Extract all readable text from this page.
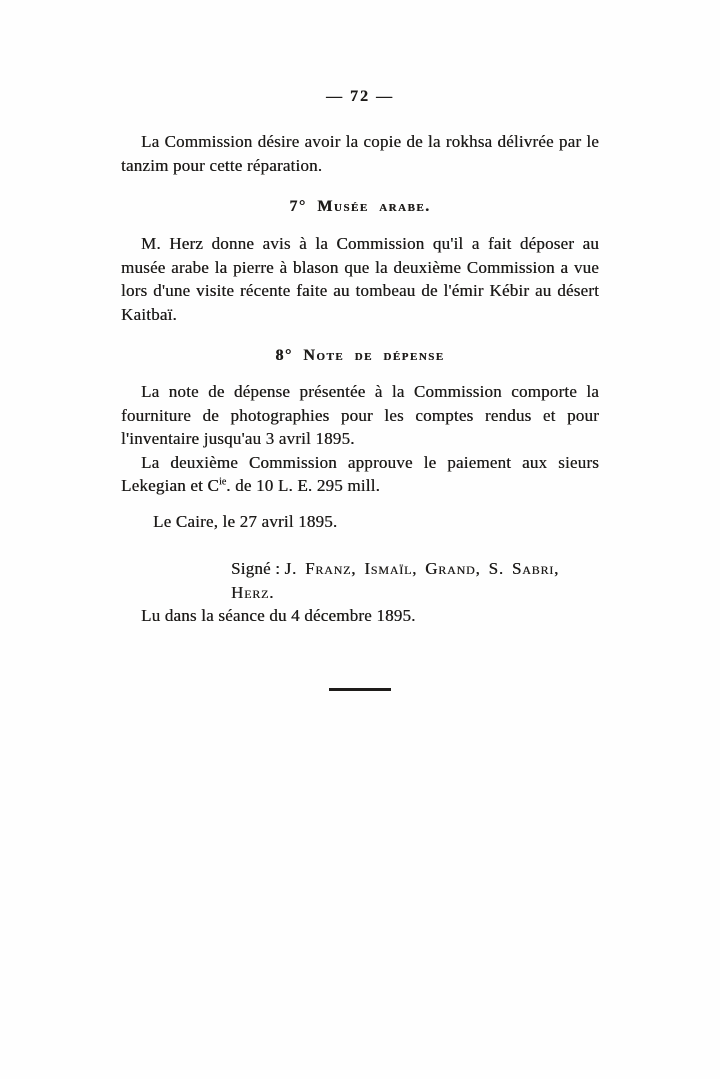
— 72 —

La Commission désire avoir la copie de la rokhsa délivrée par le tanzim pour cette réparation.

7° Musée arabe.

M. Herz donne avis à la Commission qu'il a fait déposer au musée arabe la pierre à blason que la deuxième Commission a vue lors d'une visite récente faite au tombeau de l'émir Kébir au désert Kaitbaï.

8° Note de dépense

La note de dépense présentée à la Commission comporte la fourniture de photographies pour les comptes rendus et pour l'inventaire jusqu'au 3 avril 1895.

La deuxième Commission approuve le paiement aux sieurs Lekegian et $C^{ie}$. de 10 L. E. 295 mill.

Le Caire, le 27 avril 1895.

Signé : J. Franz, Ismaïl, Grand, S. Sabri, Herz.

Lu dans la séance du 4 décembre 1895.
